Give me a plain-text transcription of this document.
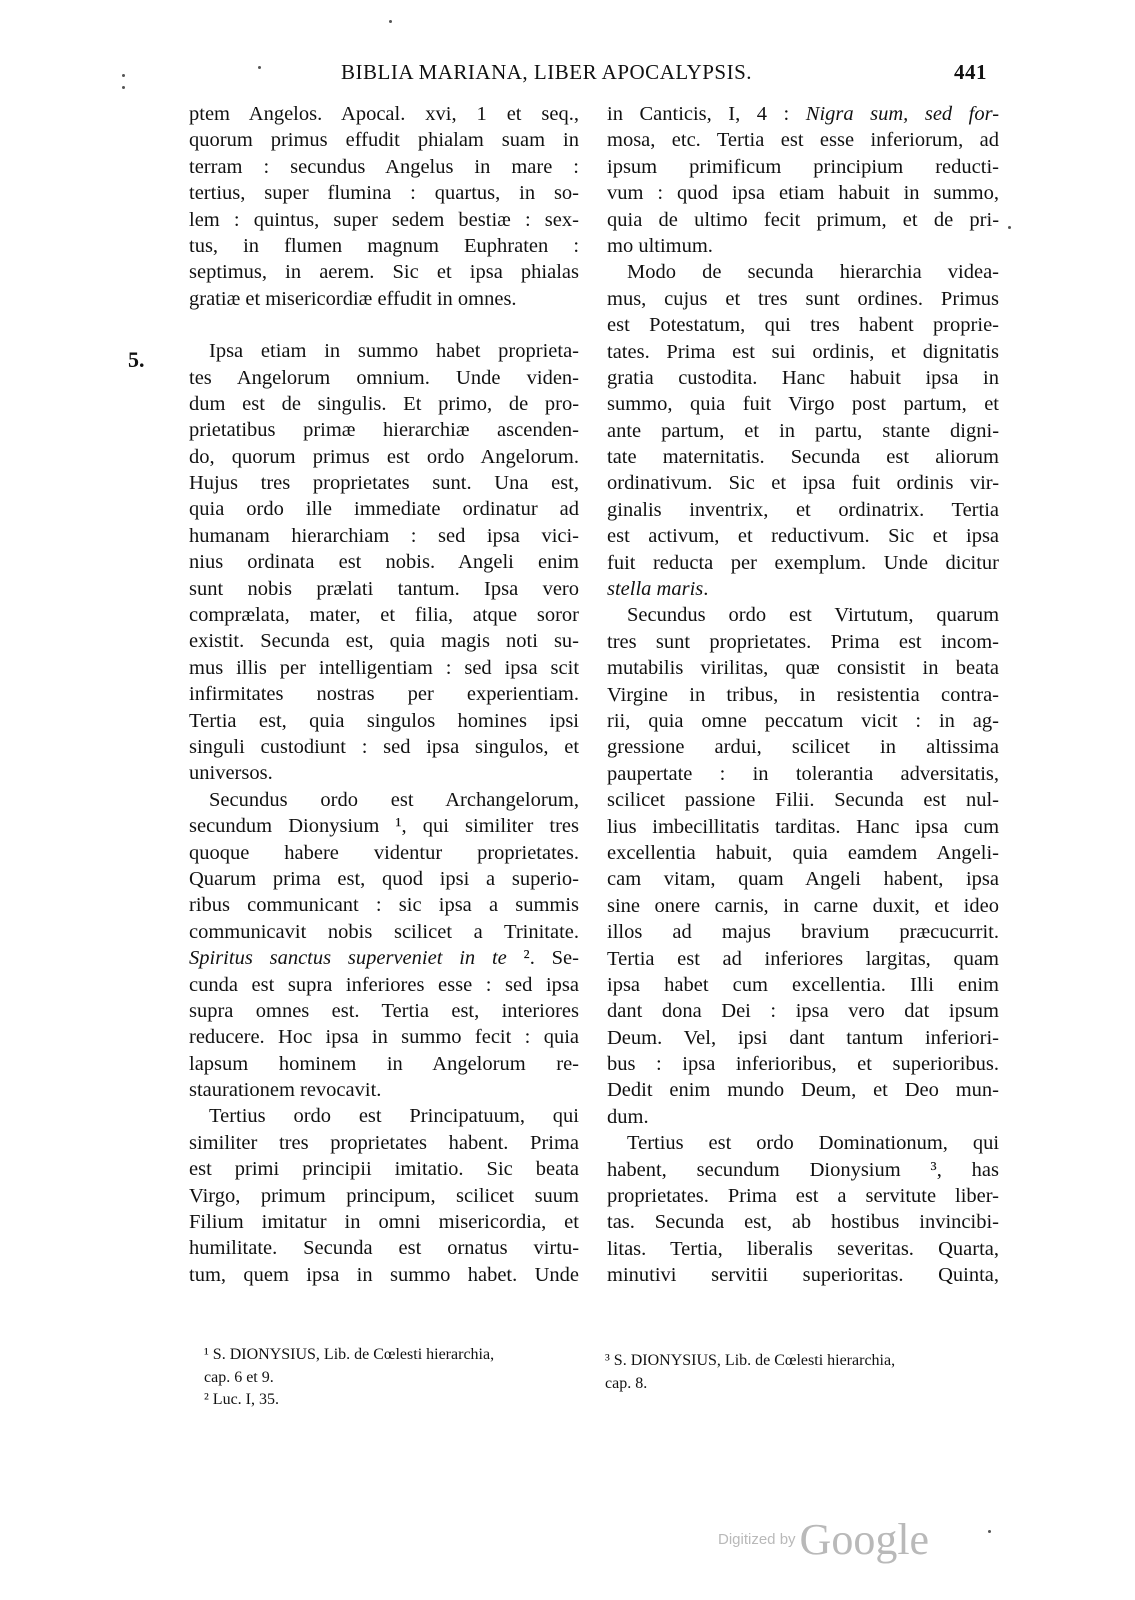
BIBLIA MARIANA, LIBER APOCALYPSIS.	441
5.
ptem Angelos. Apocal. xvi, 1 et seq.,
quorum primus effudit phialam suam in
terram : secundus Angelus in mare :
tertius, super flumina : quartus, in so-
lem : quintus, super sedem bestiæ : sex-
tus, in flumen magnum Euphraten :
septimus, in aerem. Sic et ipsa phialas
gratiæ et misericordiæ effudit in omnes.
Ipsa etiam in summo habet proprieta-
tes Angelorum omnium. Unde viden-
dum est de singulis. Et primo, de pro-
prietatibus primæ hierarchiæ ascenden-
do, quorum primus est ordo Angelorum.
Hujus tres proprietates sunt. Una est,
quia ordo ille immediate ordinatur ad
humanam hierarchiam : sed ipsa vici-
nius ordinata est nobis. Angeli enim
sunt nobis prælati tantum. Ipsa vero
comprælata, mater, et filia, atque soror
existit. Secunda est, quia magis noti su-
mus illis per intelligentiam : sed ipsa scit
infirmitates nostras per experientiam.
Tertia est, quia singulos homines ipsi
singuli custodiunt : sed ipsa singulos, et
universos.
Secundus ordo est Archangelorum,
secundum Dionysium ¹, qui similiter tres
quoque habere videntur proprietates.
Quarum prima est, quod ipsi a superio-
ribus communicant : sic ipsa a summis
communicavit nobis scilicet a Trinitate.
Spiritus sanctus superveniet in te ². Se-
cunda est supra inferiores esse : sed ipsa
supra omnes est. Tertia est, interiores
reducere. Hoc ipsa in summo fecit : quia
lapsum hominem in Angelorum re-
staurationem revocavit.
Tertius ordo est Principatuum, qui
similiter tres proprietates habent. Prima
est primi principii imitatio. Sic beata
Virgo, primum principum, scilicet suum
Filium imitatur in omni misericordia, et
humilitate. Secunda est ornatus virtu-
tum, quem ipsa in summo habet. Unde
in Canticis, I, 4 : Nigra sum, sed for-
mosa, etc. Tertia est esse inferiorum, ad
ipsum primificum principium reducti-
vum : quod ipsa etiam habuit in summo,
quia de ultimo fecit primum, et de pri-
mo ultimum.
Modo de secunda hierarchia videa-
mus, cujus et tres sunt ordines. Primus
est Potestatum, qui tres habent proprie-
tates. Prima est sui ordinis, et dignitatis
gratia custodita. Hanc habuit ipsa in
summo, quia fuit Virgo post partum, et
ante partum, et in partu, stante digni-
tate maternitatis. Secunda est aliorum
ordinativum. Sic et ipsa fuit ordinis vir-
ginalis inventrix, et ordinatrix. Tertia
est activum, et reductivum. Sic et ipsa
fuit reducta per exemplum. Unde dicitur
stella maris.
Secundus ordo est Virtutum, quarum
tres sunt proprietates. Prima est incom-
mutabilis virilitas, quæ consistit in beata
Virgine in tribus, in resistentia contra-
rii, quia omne peccatum vicit : in ag-
gressione ardui, scilicet in altissima
paupertate : in tolerantia adversitatis,
scilicet passione Filii. Secunda est nul-
lius imbecillitatis tarditas. Hanc ipsa cum
excellentia habuit, quia eamdem Angeli-
cam vitam, quam Angeli habent, ipsa
sine onere carnis, in carne duxit, et ideo
illos ad majus bravium præcucurrit.
Tertia est ad inferiores largitas, quam
ipsa habet cum excellentia. Illi enim
dant dona Dei : ipsa vero dat ipsum
Deum. Vel, ipsi dant tantum inferiori-
bus : ipsa inferioribus, et superioribus.
Dedit enim mundo Deum, et Deo mun-
dum.
Tertius est ordo Dominationum, qui
habent, secundum Dionysium ³, has
proprietates. Prima est a servitute liber-
tas. Secunda est, ab hostibus invincibi-
litas. Tertia, liberalis severitas. Quarta,
minutivi servitii superioritas. Quinta,
¹ S. DIONYSIUS, Lib. de Cœlesti hierarchia,
cap. 6 et 9.
² Luc. I, 35.
³ S. DIONYSIUS, Lib. de Cœlesti hierarchia,
cap. 8.
Digitized byGoogle
